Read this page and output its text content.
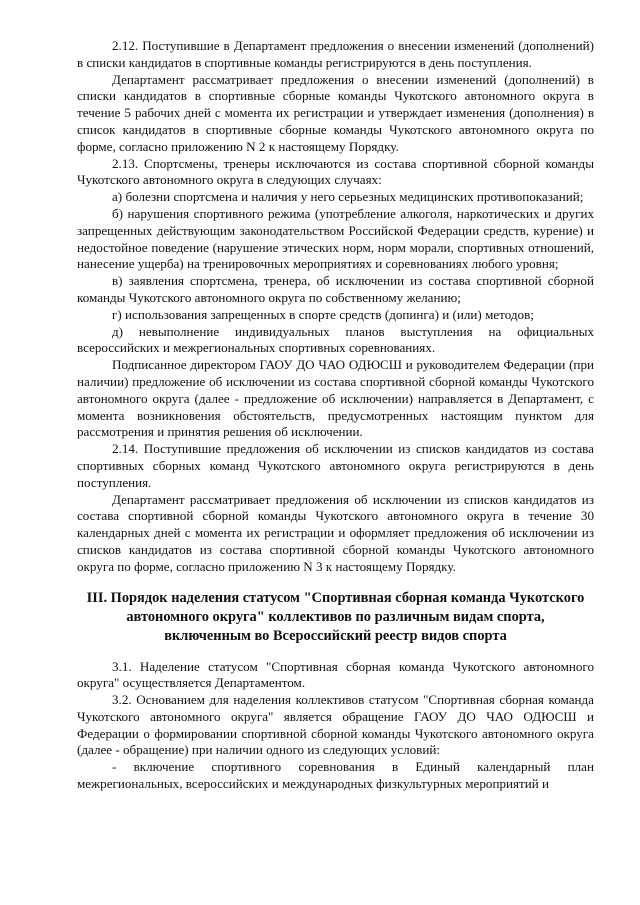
2.12. Поступившие в Департамент предложения о внесении изменений (дополнений) в списки кандидатов в спортивные команды регистрируются в день поступления.

Департамент рассматривает предложения о внесении изменений (дополнений) в списки кандидатов в спортивные сборные команды Чукотского автономного округа в течение 5 рабочих дней с момента их регистрации и утверждает изменения (дополнения) в список кандидатов в спортивные сборные команды Чукотского автономного округа по форме, согласно приложению N 2 к настоящему Порядку.

2.13. Спортсмены, тренеры исключаются из состава спортивной сборной команды Чукотского автономного округа в следующих случаях:

а) болезни спортсмена и наличия у него серьезных медицинских противопоказаний;

б) нарушения спортивного режима (употребление алкоголя, наркотических и других запрещенных действующим законодательством Российской Федерации средств, курение) и недостойное поведение (нарушение этических норм, норм морали, спортивных отношений, нанесение ущерба) на тренировочных мероприятиях и соревнованиях любого уровня;

в) заявления спортсмена, тренера, об исключении из состава спортивной сборной команды Чукотского автономного округа по собственному желанию;

г) использования запрещенных в спорте средств (допинга) и (или) методов;

д) невыполнение индивидуальных планов выступления на официальных всероссийских и межрегиональных спортивных соревнованиях.

Подписанное директором ГАОУ ДО ЧАО ОДЮСШ и руководителем Федерации (при наличии) предложение об исключении из состава спортивной сборной команды Чукотского автономного округа (далее - предложение об исключении) направляется в Департамент, с момента возникновения обстоятельств, предусмотренных настоящим пунктом для рассмотрения и принятия решения об исключении.

2.14. Поступившие предложения об исключении из списков кандидатов из состава спортивных сборных команд Чукотского автономного округа регистрируются в день поступления.

Департамент рассматривает предложения об исключении из списков кандидатов из состава спортивной сборной команды Чукотского автономного округа в течение 30 календарных дней с момента их регистрации и оформляет предложения об исключении из списков кандидатов из состава спортивной сборной команды Чукотского автономного округа по форме, согласно приложению N 3 к настоящему Порядку.

III. Порядок наделения статусом "Спортивная сборная команда Чукотского
автономного округа" коллективов по различным видам спорта,
включенным во Всероссийский реестр видов спорта

3.1. Наделение статусом "Спортивная сборная команда Чукотского автономного округа" осуществляется Департаментом.

3.2. Основанием для наделения коллективов статусом "Спортивная сборная команда Чукотского автономного округа" является обращение ГАОУ ДО ЧАО ОДЮСШ и Федерации о формировании спортивной сборной команды Чукотского автономного округа (далее - обращение) при наличии одного из следующих условий:

- включение спортивного соревнования в Единый календарный план межрегиональных, всероссийских и международных физкультурных мероприятий и
